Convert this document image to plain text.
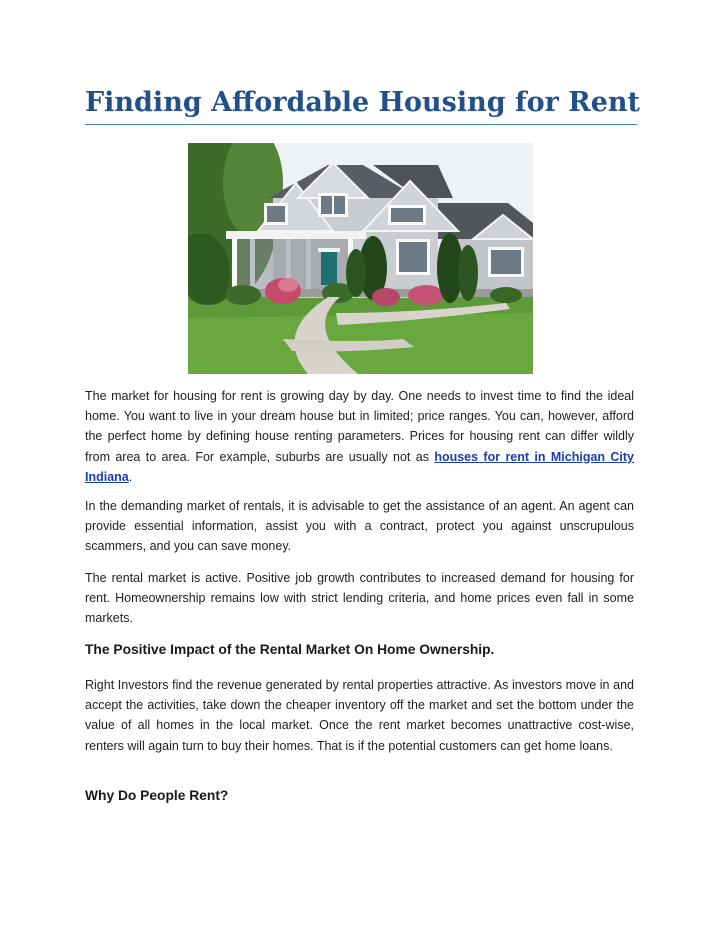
Finding Affordable Housing for Rent

The market for housing for rent is growing day by day. One needs to invest time to find the ideal home. You want to live in your dream house but in limited; price ranges. You can, however, afford the perfect home by defining house renting parameters. Prices for housing rent can differ wildly from area to area. For example, suburbs are usually not as houses for rent in Michigan City Indiana.

In the demanding market of rentals, it is advisable to get the assistance of an agent. An agent can provide essential information, assist you with a contract, protect you against unscrupulous scammers, and you can save money.

The rental market is active. Positive job growth contributes to increased demand for housing for rent. Homeownership remains low with strict lending criteria, and home prices even fall in some markets.

The Positive Impact of the Rental Market On Home Ownership.

Right Investors find the revenue generated by rental properties attractive. As investors move in and accept the activities, take down the cheaper inventory off the market and set the bottom under the value of all homes in the local market. Once the rent market becomes unattractive cost-wise, renters will again turn to buy their homes. That is if the potential customers can get home loans.

Why Do People Rent?
